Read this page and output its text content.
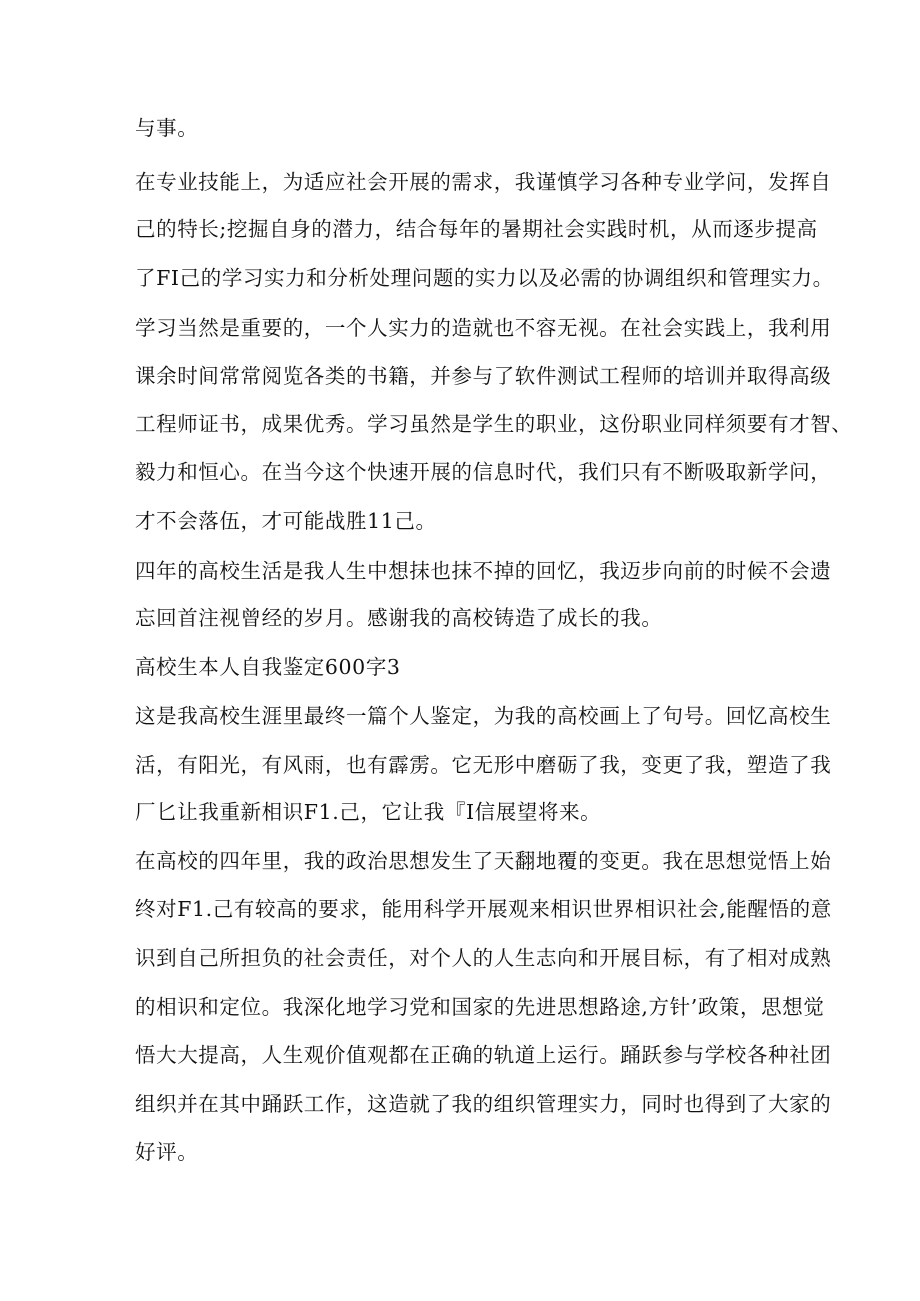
与事。
在专业技能上，为适应社会开展的需求，我谨慎学习各种专业学问，发挥自
己的特长;挖掘自身的潜力，结合每年的暑期社会实践时机，从而逐步提高
了FI己的学习实力和分析处理问题的实力以及必需的协调组织和管理实力。
学习当然是重要的，一个人实力的造就也不容无视。在社会实践上，我利用
课余时间常常阅览各类的书籍，并参与了软件测试工程师的培训并取得高级
工程师证书，成果优秀。学习虽然是学生的职业，这份职业同样须要有才智、
毅力和恒心。在当今这个快速开展的信息时代，我们只有不断吸取新学问，
才不会落伍，才可能战胜11己。
四年的高校生活是我人生中想抹也抹不掉的回忆，我迈步向前的时候不会遗
忘回首注视曾经的岁月。感谢我的高校铸造了成长的我。
高校生本人自我鉴定600字3
这是我高校生涯里最终一篇个人鉴定，为我的高校画上了句号。回忆高校生
活，有阳光，有风雨，也有霹雳。它无形中磨砺了我，变更了我，塑造了我
厂匕让我重新相识F1.己，它让我『I信展望将来。
在高校的四年里，我的政治思想发生了天翻地覆的变更。我在思想觉悟上始
终对F1.己有较高的要求，能用科学开展观来相识世界相识社会,能醒悟的意
识到自己所担负的社会责任，对个人的人生志向和开展目标，有了相对成熟
的相识和定位。我深化地学习党和国家的先进思想路途,方针’政策，思想觉
悟大大提高，人生观价值观都在正确的轨道上运行。踊跃参与学校各种社团
组织并在其中踊跃工作，这造就了我的组织管理实力，同时也得到了大家的
好评。
